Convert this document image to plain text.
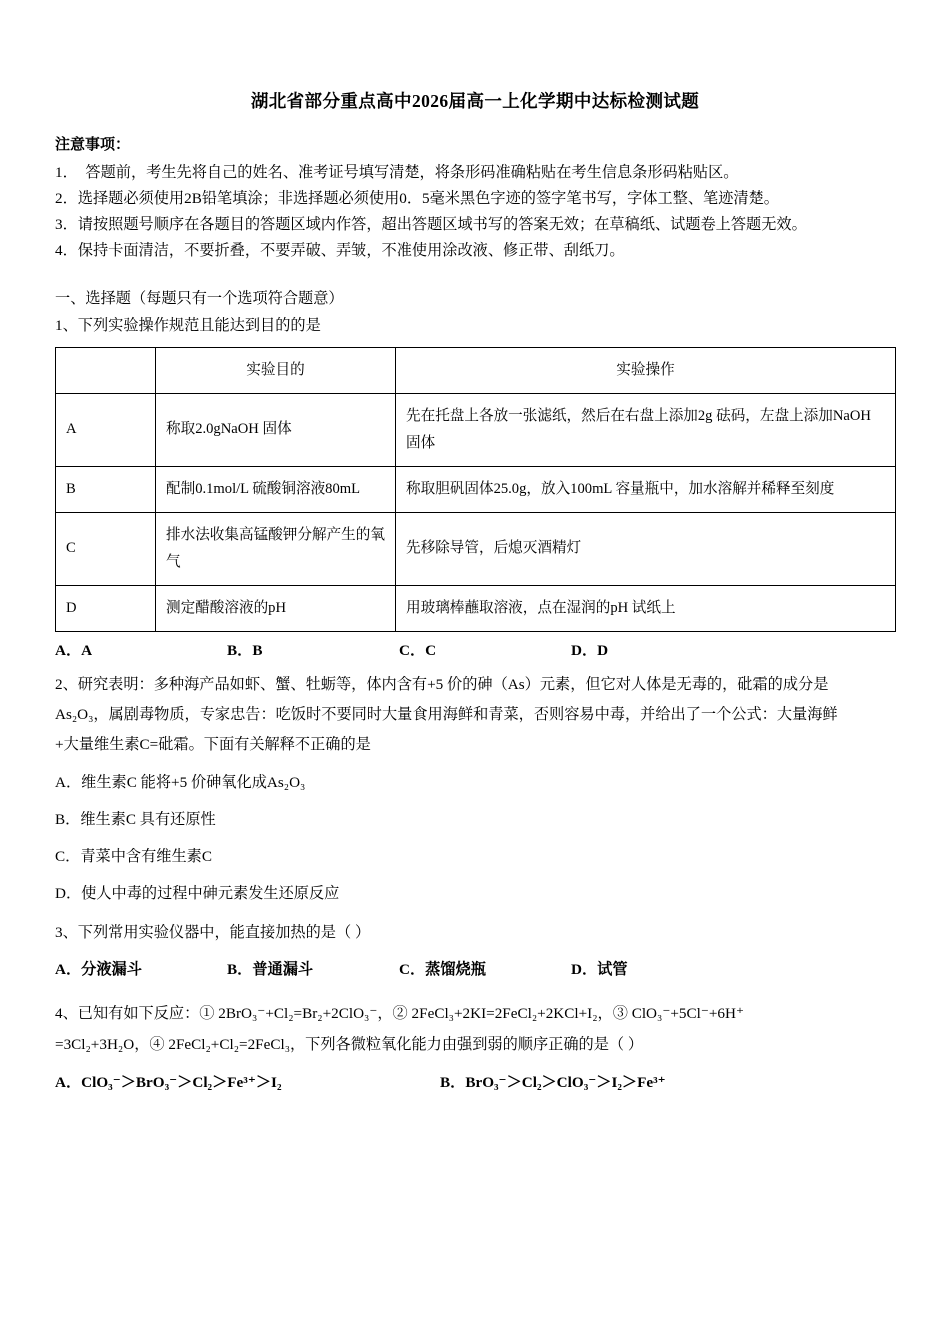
湖北省部分重点高中2026届高一上化学期中达标检测试题
注意事项：

1．  答题前，考生先将自己的姓名、准考证号填写清楚，将条形码准确粘贴在考生信息条形码粘贴区。

2．选择题必须使用2B铅笔填涂；非选择题必须使用0．5毫米黑色字迹的签字笔书写，字体工整、笔迹清楚。

3．请按照题号顺序在各题目的答题区域内作答，超出答题区域书写的答案无效；在草稿纸、试题卷上答题无效。

4．保持卡面清洁，不要折叠，不要弄破、弄皱，不准使用涂改液、修正带、刮纸刀。

一、选择题（每题只有一个选项符合题意）
1、下列实验操作规范且能达到目的的是
	实验目的	实验操作
A	称取2.0gNaOH 固体	先在托盘上各放一张滤纸，然后在右盘上添加2g 砝码，左盘上添加NaOH 固体
B	配制0.1mol/L 硫酸铜溶液80mL	称取胆矾固体25.0g，放入100mL 容量瓶中，加水溶解并稀释至刻度
C	排水法收集高锰酸钾分解产生的氧气	先移除导管，后熄灭酒精灯
D	测定醋酸溶液的pH	用玻璃棒蘸取溶液，点在湿润的pH 试纸上
A．A	B．B	C．C	D．D
2、研究表明：多种海产品如虾、蟹、牡蛎等，体内含有+5 价的砷（As）元素，但它对人体是无毒的，砒霜的成分是
As₂O₃，属剧毒物质，专家忠告：吃饭时不要同时大量食用海鲜和青菜，否则容易中毒，并给出了一个公式：大量海鲜
+大量维生素C=砒霜。下面有关解释不正确的是
A．维生素C 能将+5 价砷氧化成As₂O₃
B．维生素C 具有还原性
C．青菜中含有维生素C
D．使人中毒的过程中砷元素发生还原反应
3、下列常用实验仪器中，能直接加热的是（ ）
A．分液漏斗	B．普通漏斗	C．蒸馏烧瓶	D．试管
4、已知有如下反应：① 2BrO₃⁻+Cl₂=Br₂+2ClO₃⁻，② 2FeCl₃+2KI=2FeCl₂+2KCl+I₂，③ ClO₃⁻+5Cl⁻+6H⁺
=3Cl₂+3H₂O，④ 2FeCl₂+Cl₂=2FeCl₃，下列各微粒氧化能力由强到弱的顺序正确的是（ ）
A．ClO₃⁻＞BrO₃⁻＞Cl₂＞Fe³⁺＞I₂	B．BrO₃⁻＞Cl₂＞ClO₃⁻＞I₂＞Fe³⁺
